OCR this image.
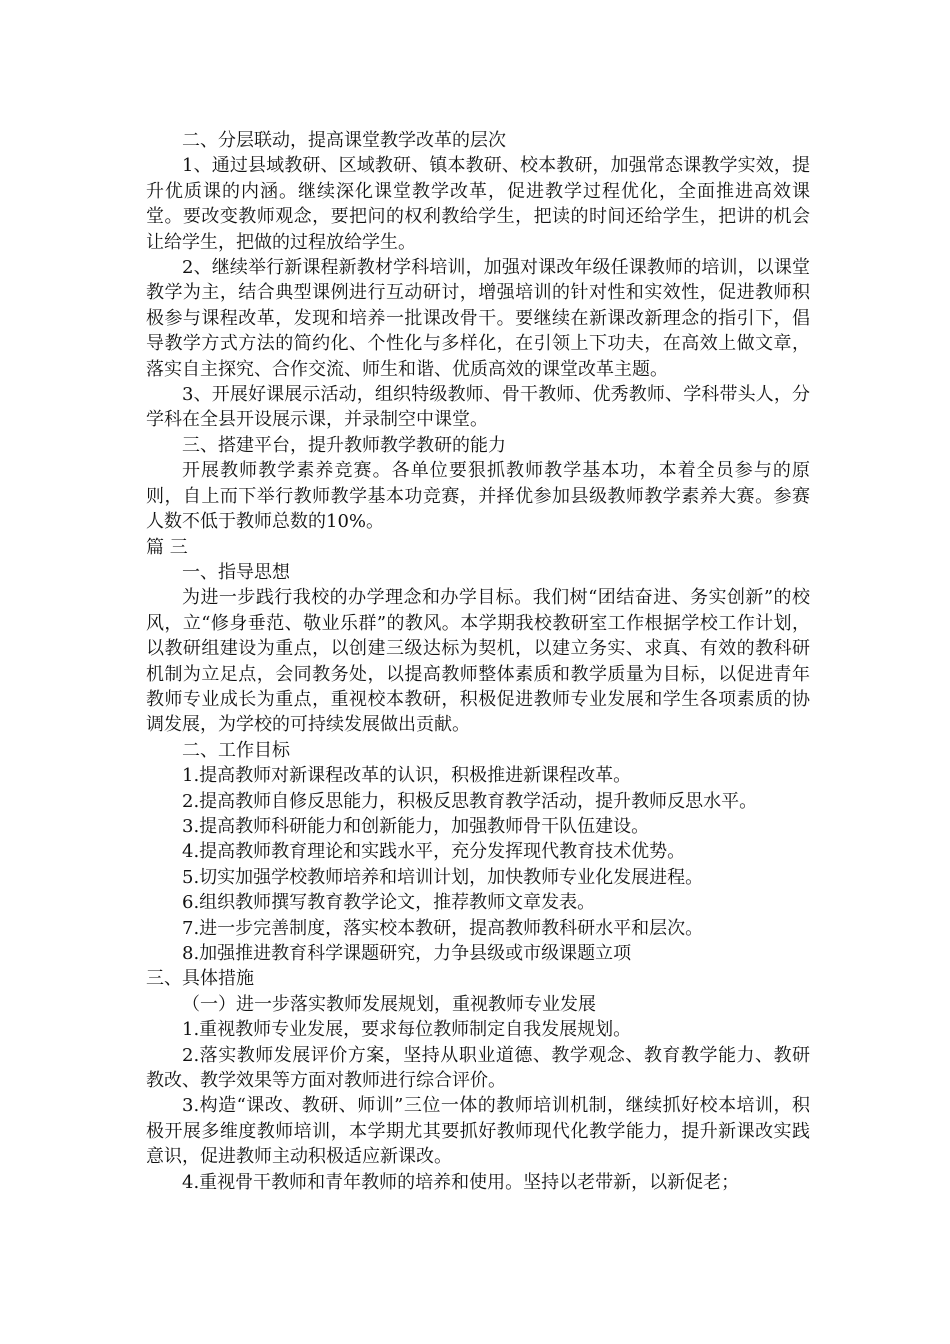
二、分层联动，提高课堂教学改革的层次

1、通过县域教研、区域教研、镇本教研、校本教研，加强常态课教学实效，提升优质课的内涵。继续深化课堂教学改革，促进教学过程优化，全面推进高效课堂。要改变教师观念，要把问的权利教给学生，把读的时间还给学生，把讲的机会让给学生，把做的过程放给学生。

2、继续举行新课程新教材学科培训，加强对课改年级任课教师的培训，以课堂教学为主，结合典型课例进行互动研讨，增强培训的针对性和实效性，促进教师积极参与课程改革，发现和培养一批课改骨干。要继续在新课改新理念的指引下，倡导教学方式方法的简约化、个性化与多样化，在引领上下功夫，在高效上做文章，落实自主探究、合作交流、师生和谐、优质高效的课堂改革主题。

3、开展好课展示活动，组织特级教师、骨干教师、优秀教师、学科带头人，分学科在全县开设展示课，并录制空中课堂。

三、搭建平台，提升教师教学教研的能力

开展教师教学素养竞赛。各单位要狠抓教师教学基本功，本着全员参与的原则，自上而下举行教师教学基本功竞赛，并择优参加县级教师教学素养大赛。参赛人数不低于教师总数的10%。

篇 三

一、指导思想

为进一步践行我校的办学理念和办学目标。我们树“团结奋进、务实创新”的校风，立“修身垂范、敬业乐群”的教风。本学期我校教研室工作根据学校工作计划，以教研组建设为重点，以创建三级达标为契机，以建立务实、求真、有效的教科研机制为立足点，会同教务处，以提高教师整体素质和教学质量为目标，以促进青年教师专业成长为重点，重视校本教研，积极促进教师专业发展和学生各项素质的协调发展，为学校的可持续发展做出贡献。

二、工作目标

1.提高教师对新课程改革的认识，积极推进新课程改革。

2.提高教师自修反思能力，积极反思教育教学活动，提升教师反思水平。

3.提高教师科研能力和创新能力，加强教师骨干队伍建设。

4.提高教师教育理论和实践水平，充分发挥现代教育技术优势。

5.切实加强学校教师培养和培训计划，加快教师专业化发展进程。

6.组织教师撰写教育教学论文，推荐教师文章发表。

7.进一步完善制度，落实校本教研，提高教师教科研水平和层次。

8.加强推进教育科学课题研究，力争县级或市级课题立项

三、具体措施

（一）进一步落实教师发展规划，重视教师专业发展

1.重视教师专业发展，要求每位教师制定自我发展规划。

2.落实教师发展评价方案，坚持从职业道德、教学观念、教育教学能力、教研教改、教学效果等方面对教师进行综合评价。

3.构造“课改、教研、师训”三位一体的教师培训机制，继续抓好校本培训，积极开展多维度教师培训，本学期尤其要抓好教师现代化教学能力，提升新课改实践意识，促进教师主动积极适应新课改。

4.重视骨干教师和青年教师的培养和使用。坚持以老带新，以新促老；
